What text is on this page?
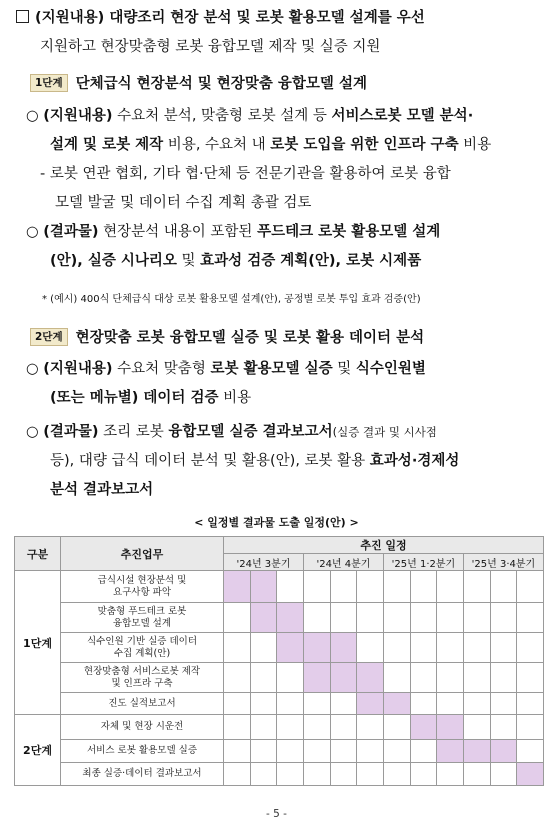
(지원내용) 대량조리 현장 분석 및 로봇 활용모델 설계를 우선
지원하고 현장맞춤형 로봇 융합모델 제작 및 실증 지원
1단계 단체급식 현장분석 및 현장맞춤 융합모델 설계
○ (지원내용) 수요처 분석, 맞춤형 로봇 설계 등 서비스로봇 모델 분석·
설계 및 로봇 제작 비용, 수요처 내 로봇 도입을 위한 인프라 구축 비용
- 로봇 연관 협회, 기타 협·단체 등 전문기관을 활용하여 로봇 융합
모델 발굴 및 데이터 수집 계획 총괄 검토
○ (결과물) 현장분석 내용이 포함된 푸드테크 로봇 활용모델 설계
(안), 실증 시나리오 및 효과성 검증 계획(안), 로봇 시제품
* (예시) 400식 단체급식 대상 로봇 활용모델 설계(안), 공정별 로봇 투입 효과 검증(안)
2단계 현장맞춤 로봇 융합모델 실증 및 로봇 활용 데이터 분석
○ (지원내용) 수요처 맞춤형 로봇 활용모델 실증 및 식수인원별
(또는 메뉴별) 데이터 검증 비용
○ (결과물) 조리 로봇 융합모델 실증 결과보고서(실증 결과 및 시사점
등), 대량 급식 데이터 분석 및 활용(안), 로봇 활용 효과성·경제성
분석 결과보고서
< 일정별 결과물 도출 일정(안) >
구분	추진업무	추진 일정											
		'24년 3분기			'24년 4분기			'25년 1·2분기			'25년 3·4분기		
1단계	급식시설 현장분석 및
요구사항 파악												

	맞춤형 푸드테크 로봇
융합모델 설계												

	식수인원 기반 실증 데이터
수집 계획(안)												

	현장맞춤형 서비스로봇 제작
및 인프라 구축												

	진도 실적보고서												

2단계	자체 및 현장 시운전												

	서비스 로봇 활용모델 실증												

	최종 실증·데이터 결과보고서												

- 5 -
